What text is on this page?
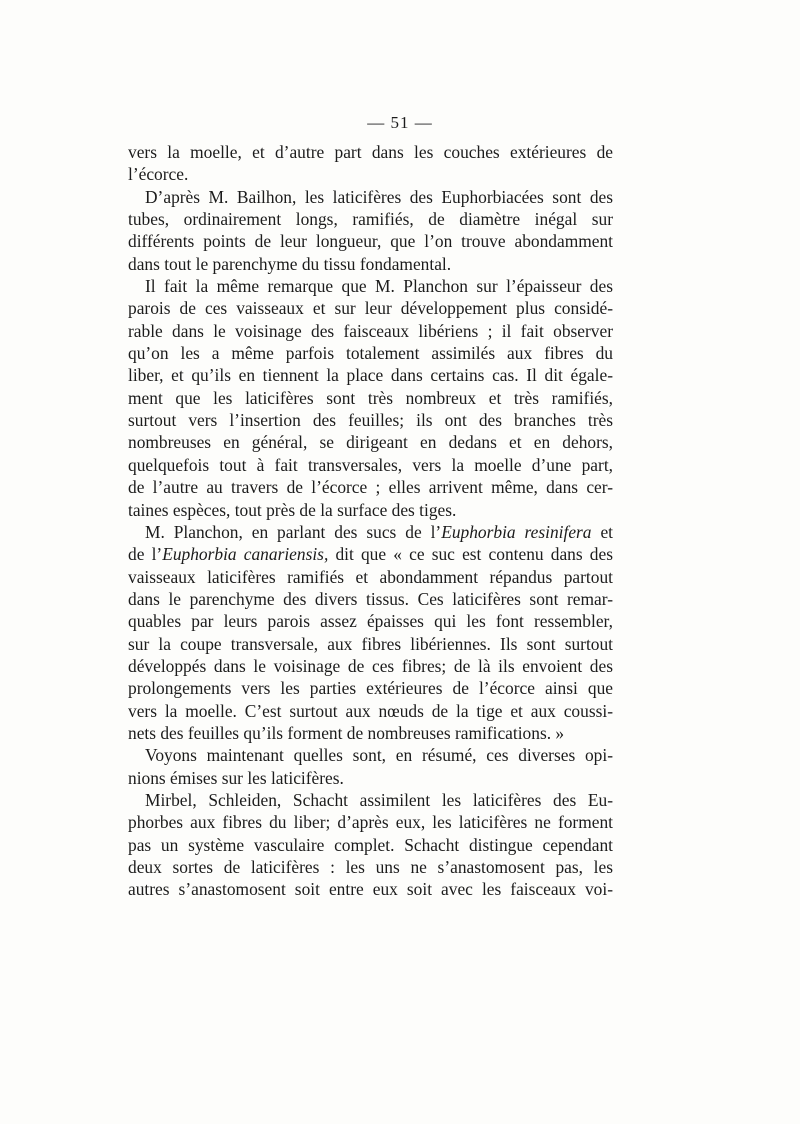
— 51 —
vers la moelle, et d’autre part dans les couches extérieures de
l’écorce.
D’après M. Bailhon, les laticifères des Euphorbiacées sont des
tubes, ordinairement longs, ramifiés, de diamètre inégal sur
différents points de leur longueur, que l’on trouve abondamment
dans tout le parenchyme du tissu fondamental.
Il fait la même remarque que M. Planchon sur l’épaisseur des
parois de ces vaisseaux et sur leur développement plus considé-
rable dans le voisinage des faisceaux libériens ; il fait observer
qu’on les a même parfois totalement assimilés aux fibres du
liber, et qu’ils en tiennent la place dans certains cas. Il dit égale-
ment que les laticifères sont très nombreux et très ramifiés,
surtout vers l’insertion des feuilles; ils ont des branches très
nombreuses en général, se dirigeant en dedans et en dehors,
quelquefois tout à fait transversales, vers la moelle d’une part,
de l’autre au travers de l’écorce ; elles arrivent même, dans cer-
taines espèces, tout près de la surface des tiges.
M. Planchon, en parlant des sucs de l’Euphorbia resinifera et
de l’Euphorbia canariensis, dit que « ce suc est contenu dans des
vaisseaux laticifères ramifiés et abondamment répandus partout
dans le parenchyme des divers tissus. Ces laticifères sont remar-
quables par leurs parois assez épaisses qui les font ressembler,
sur la coupe transversale, aux fibres libériennes. Ils sont surtout
développés dans le voisinage de ces fibres; de là ils envoient des
prolongements vers les parties extérieures de l’écorce ainsi que
vers la moelle. C’est surtout aux nœuds de la tige et aux coussi-
nets des feuilles qu’ils forment de nombreuses ramifications. »
Voyons maintenant quelles sont, en résumé, ces diverses opi-
nions émises sur les laticifères.
Mirbel, Schleiden, Schacht assimilent les laticifères des Eu-
phorbes aux fibres du liber; d’après eux, les laticifères ne forment
pas un système vasculaire complet. Schacht distingue cependant
deux sortes de laticifères : les uns ne s’anastomosent pas, les
autres s’anastomosent soit entre eux soit avec les faisceaux voi-
